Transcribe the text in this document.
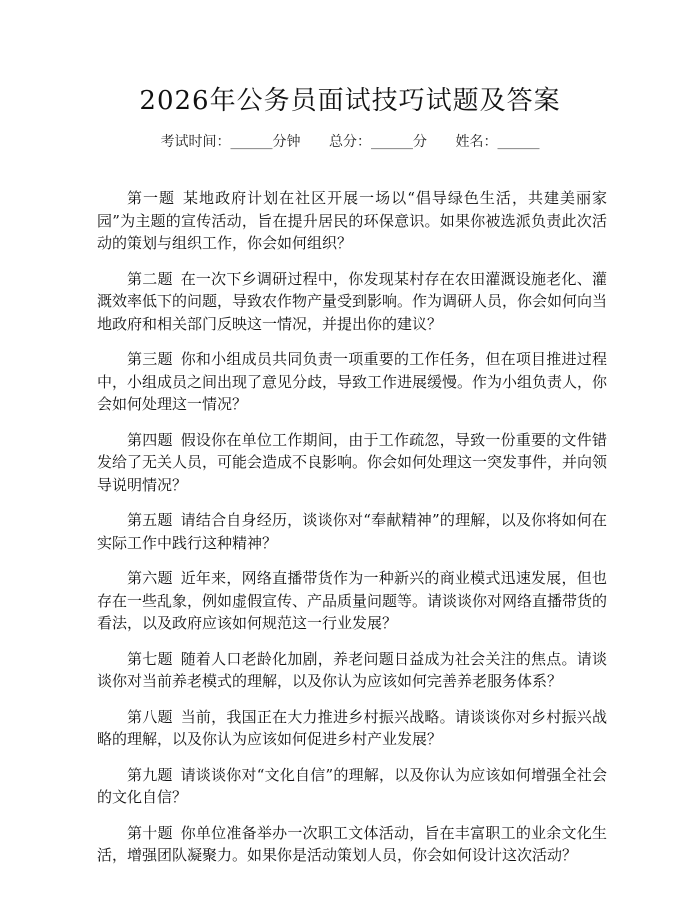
2026年公务员面试技巧试题及答案
考试时间：______分钟 总分：______分 姓名：______

第一题 某地政府计划在社区开展一场以“倡导绿色生活，共建美丽家园”为主题的宣传活动，旨在提升居民的环保意识。如果你被选派负责此次活动的策划与组织工作，你会如何组织？

第二题 在一次下乡调研过程中，你发现某村存在农田灌溉设施老化、灌溉效率低下的问题，导致农作物产量受到影响。作为调研人员，你会如何向当地政府和相关部门反映这一情况，并提出你的建议？

第三题 你和小组成员共同负责一项重要的工作任务，但在项目推进过程中，小组成员之间出现了意见分歧，导致工作进展缓慢。作为小组负责人，你会如何处理这一情况？

第四题 假设你在单位工作期间，由于工作疏忽，导致一份重要的文件错发给了无关人员，可能会造成不良影响。你会如何处理这一突发事件，并向领导说明情况？

第五题 请结合自身经历，谈谈你对“奉献精神”的理解，以及你将如何在实际工作中践行这种精神？

第六题 近年来，网络直播带货作为一种新兴的商业模式迅速发展，但也存在一些乱象，例如虚假宣传、产品质量问题等。请谈谈你对网络直播带货的看法，以及政府应该如何规范这一行业发展？

第七题 随着人口老龄化加剧，养老问题日益成为社会关注的焦点。请谈谈你对当前养老模式的理解，以及你认为应该如何完善养老服务体系？

第八题 当前，我国正在大力推进乡村振兴战略。请谈谈你对乡村振兴战略的理解，以及你认为应该如何促进乡村产业发展？

第九题 请谈谈你对“文化自信”的理解，以及你认为应该如何增强全社会的文化自信？

第十题 你单位准备举办一次职工文体活动，旨在丰富职工的业余文化生活，增强团队凝聚力。如果你是活动策划人员，你会如何设计这次活动？
